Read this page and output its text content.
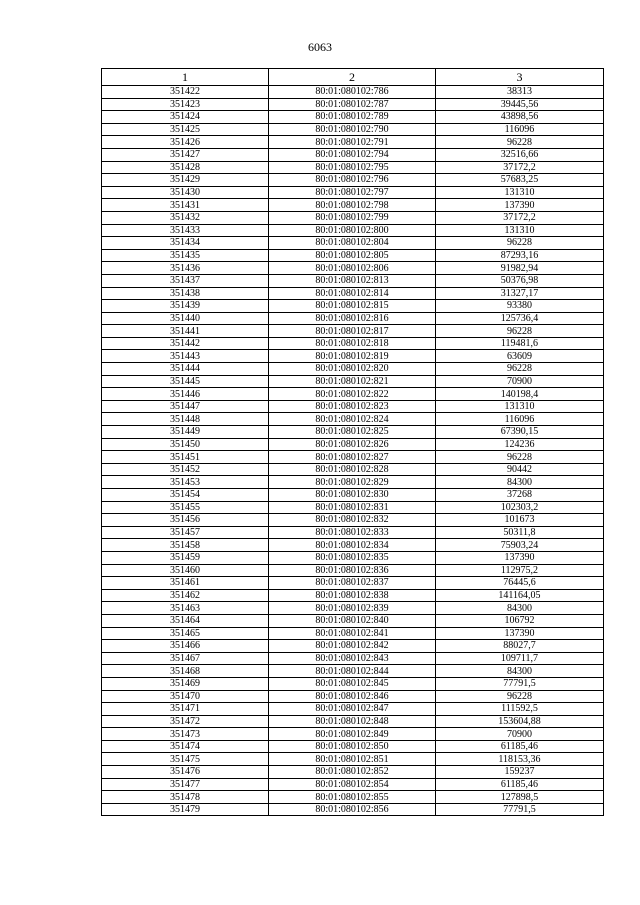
6063
1	2	3
351422	80:01:080102:786	38313
351423	80:01:080102:787	39445,56
351424	80:01:080102:789	43898,56
351425	80:01:080102:790	116096
351426	80:01:080102:791	96228
351427	80:01:080102:794	32516,66
351428	80:01:080102:795	37172,2
351429	80:01:080102:796	57683,25
351430	80:01:080102:797	131310
351431	80:01:080102:798	137390
351432	80:01:080102:799	37172,2
351433	80:01:080102:800	131310
351434	80:01:080102:804	96228
351435	80:01:080102:805	87293,16
351436	80:01:080102:806	91982,94
351437	80:01:080102:813	50376,98
351438	80:01:080102:814	31327,17
351439	80:01:080102:815	93380
351440	80:01:080102:816	125736,4
351441	80:01:080102:817	96228
351442	80:01:080102:818	119481,6
351443	80:01:080102:819	63609
351444	80:01:080102:820	96228
351445	80:01:080102:821	70900
351446	80:01:080102:822	140198,4
351447	80:01:080102:823	131310
351448	80:01:080102:824	116096
351449	80:01:080102:825	67390,15
351450	80:01:080102:826	124236
351451	80:01:080102:827	96228
351452	80:01:080102:828	90442
351453	80:01:080102:829	84300
351454	80:01:080102:830	37268
351455	80:01:080102:831	102303,2
351456	80:01:080102:832	101673
351457	80:01:080102:833	50311,8
351458	80:01:080102:834	75903,24
351459	80:01:080102:835	137390
351460	80:01:080102:836	112975,2
351461	80:01:080102:837	76445,6
351462	80:01:080102:838	141164,05
351463	80:01:080102:839	84300
351464	80:01:080102:840	106792
351465	80:01:080102:841	137390
351466	80:01:080102:842	88027,7
351467	80:01:080102:843	109711,7
351468	80:01:080102:844	84300
351469	80:01:080102:845	77791,5
351470	80:01:080102:846	96228
351471	80:01:080102:847	111592,5
351472	80:01:080102:848	153604,88
351473	80:01:080102:849	70900
351474	80:01:080102:850	61185,46
351475	80:01:080102:851	118153,36
351476	80:01:080102:852	159237
351477	80:01:080102:854	61185,46
351478	80:01:080102:855	127898,5
351479	80:01:080102:856	77791,5
